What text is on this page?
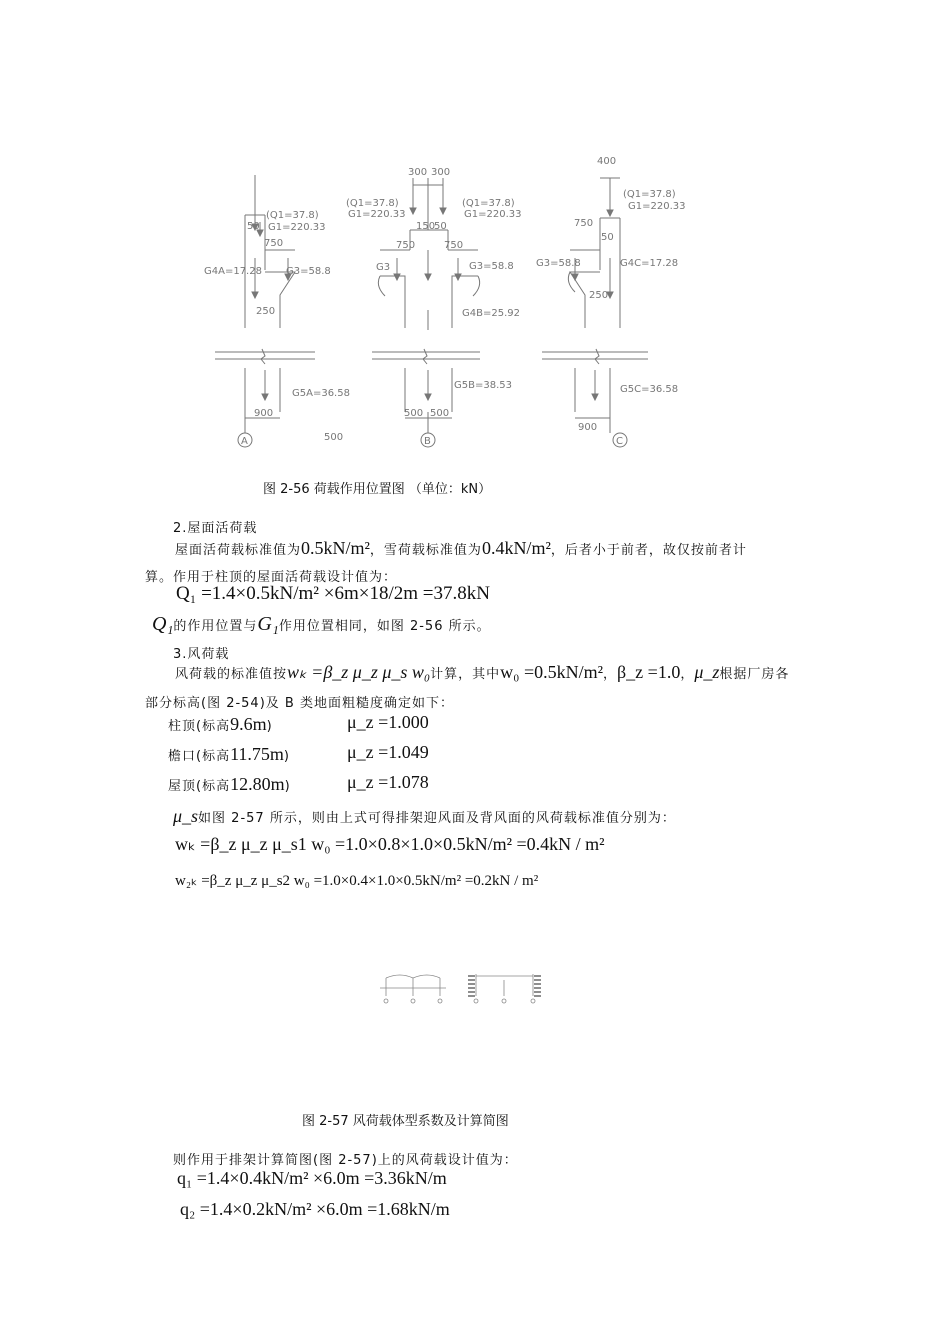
50
(Q1=37.8)
G1=220.33
750
G4A=17.28 G3=58.8
250
G5A=36.58
900
A	500
300 300
(Q1=37.8)
G1=220.33
(Q1=37.8)
G1=220.33
150
50
750	750
G3	G3=58.8
G4B=25.92
G5B=38.53
500 500
B
400
(Q1=37.8)
G1=220.33
750
50
G3=58.8	G4C=17.28
250
G5C=36.58
900
C
图 2-56 荷载作用位置图 （单位：kN）
2.屋面活荷载
屋面活荷载标准值为0.5kN/m²，雪荷载标准值为0.4kN/m²，后者小于前者，故仅按前者计
算。作用于柱顶的屋面活荷载设计值为：
Q₁ =1.4×0.5kN/m² ×6m×18/2m =37.8kN
Q₁的作用位置与G₁作用位置相同，如图 2-56 所示。
3.风荷载
风荷载的标准值按wₖ =β_z μ_z μ_s w₀计算，其中w₀ =0.5kN/m²，β_z =1.0，μ_z根据厂房各
部分标高(图 2-54)及 B 类地面粗糙度确定如下：
柱顶(标高9.6m)	μ_z =1.000
檐口(标高11.75m)	μ_z =1.049
屋顶(标高12.80m)	μ_z =1.078
μ_s如图 2-57 所示，则由上式可得排架迎风面及背风面的风荷载标准值分别为：
wₖ =β_z μ_z μ_s1 w₀ =1.0×0.8×1.0×0.5kN/m² =0.4kN / m²
w₂ₖ =β_z μ_z μ_s2 w₀ =1.0×0.4×1.0×0.5kN/m² =0.2kN / m²
图 2-57 风荷载体型系数及计算简图
则作用于排架计算简图(图 2-57)上的风荷载设计值为：
q₁ =1.4×0.4kN/m² ×6.0m =3.36kN/m
q₂ =1.4×0.2kN/m² ×6.0m =1.68kN/m
